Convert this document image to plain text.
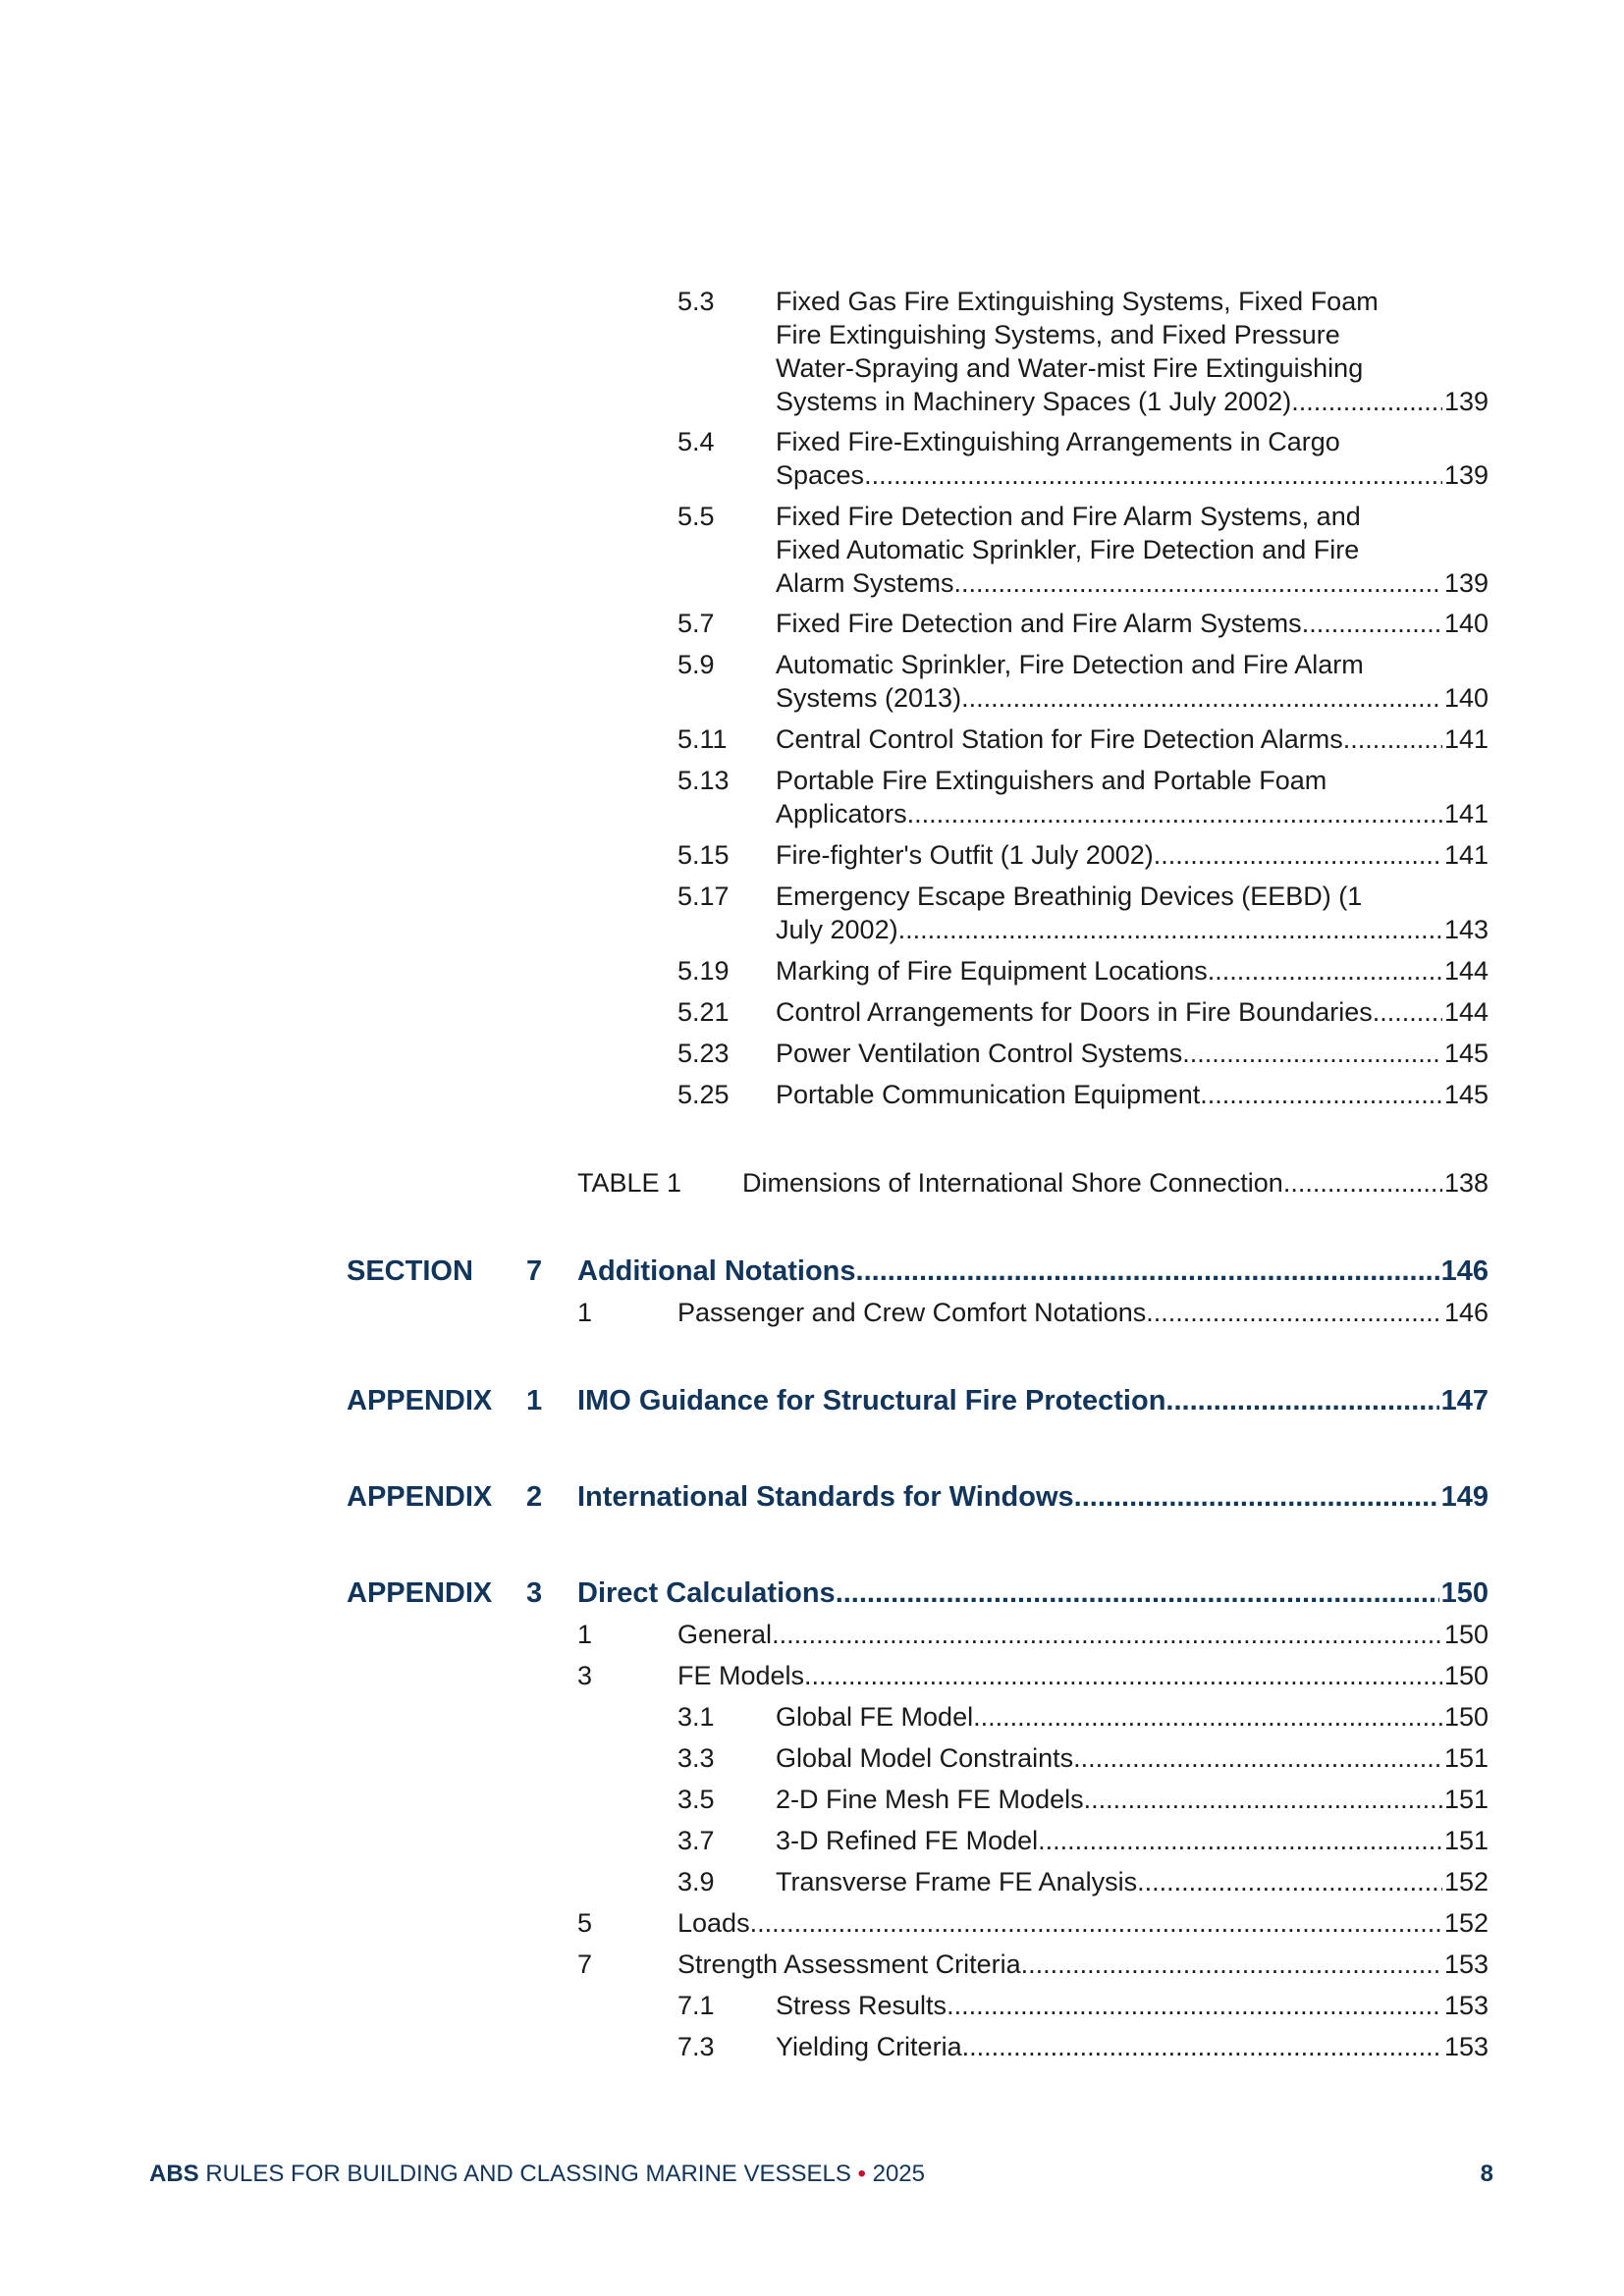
5.3 Fixed Gas Fire Extinguishing Systems, Fixed Foam
Fire Extinguishing Systems, and Fixed Pressure
Water-Spraying and Water-mist Fire Extinguishing
Systems in Machinery Spaces (1 July 2002) .....	139
5.4 Fixed Fire-Extinguishing Arrangements in Cargo
Spaces .....	139
5.5 Fixed Fire Detection and Fire Alarm Systems, and
Fixed Automatic Sprinkler, Fire Detection and Fire
Alarm Systems .....	139
5.7 Fixed Fire Detection and Fire Alarm Systems .....	140
5.9 Automatic Sprinkler, Fire Detection and Fire Alarm
Systems (2013) .....	140
5.11 Central Control Station for Fire Detection Alarms .....	141
5.13 Portable Fire Extinguishers and Portable Foam
Applicators .....	141
5.15 Fire-fighter's Outfit (1 July 2002) .....	141
5.17 Emergency Escape Breathinig Devices (EEBD) (1
July 2002) .....	143
5.19 Marking of Fire Equipment Locations .....	144
5.21 Control Arrangements for Doors in Fire Boundaries .....	144
5.23 Power Ventilation Control Systems .....	145
5.25 Portable Communication Equipment .....	145
TABLE 1 Dimensions of International Shore Connection .....	138
SECTION 7 Additional Notations .....	146
1	Passenger and Crew Comfort Notations .....	146
APPENDIX 1 IMO Guidance for Structural Fire Protection .....	147
APPENDIX 2 International Standards for Windows .....	149
APPENDIX 3 Direct Calculations .....	150
1	General .....	150
3	FE Models .....	150
3.1 Global FE Model .....	150
3.3 Global Model Constraints .....	151
3.5 2-D Fine Mesh FE Models .....	151
3.7 3-D Refined FE Model .....	151
3.9 Transverse Frame FE Analysis .....	152
5	Loads .....	152
7	Strength Assessment Criteria .....	153
7.1 Stress Results .....	153
7.3 Yielding Criteria .....	153
ABS RULES FOR BUILDING AND CLASSING MARINE VESSELS • 2025	8
